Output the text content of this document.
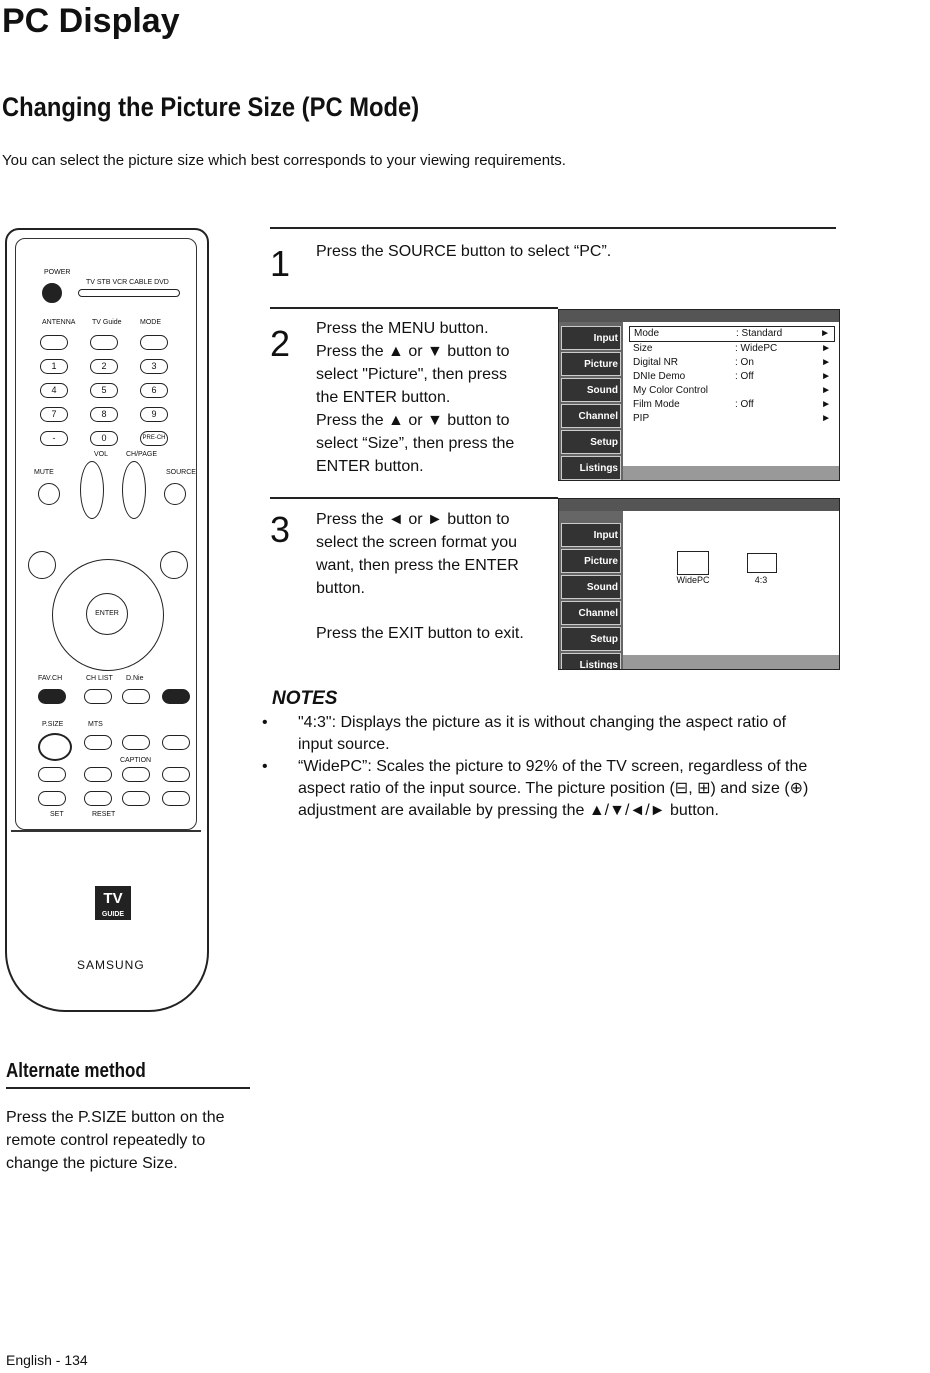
PC Display
Changing the Picture Size (PC Mode)
You can select the picture size which best corresponds to your viewing requirements.
POWER
TV STB VCR CABLE DVD
ANTENNA TV Guide	MODE
1	2	3
4	5	6
7	8	9
-	0	PRE-CH
VOL	CH/PAGE
MUTE	SOURCE
ENTER
FAV.CH	CH LIST D.Nie
P.SIZE	MTS
CAPTION
SET	RESET
TV
GUIDE
SAMSUNG
1 Press the SOURCE button to select “PC”.

2 Press the MENU button.

Press the ▲ or ▼ button to

select "Picture", then press

the ENTER button.

Press the ▲ or ▼ button to

select “Size”, then press the

ENTER button.

Input
Picture
Sound
Channel
Setup
Listings
Mode	: Standard	►
Size	: WidePC	►
Digital NR	: On	►
DNIe Demo	: Off	►
My Color Control	►
Film Mode	: Off	►
PIP	►
3 Press the ◄ or ► button to

select the screen format you

want, then press the ENTER

button.

Press the EXIT button to exit.

Input
Picture
Sound
Channel
Setup
Listings
WidePC	4:3
NOTES
• "4:3": Displays the picture as it is without changing the aspect ratio of input source.
• “WidePC”: Scales the picture to 92% of the TV screen, regardless of the aspect ratio of the input source. The picture position (⊟, ⊞) and size (⊕) adjustment are available by pressing the ▲/▼/◄/► button.
Alternate method
Press the P.SIZE button on the remote control repeatedly to change the picture Size.
English - 134
